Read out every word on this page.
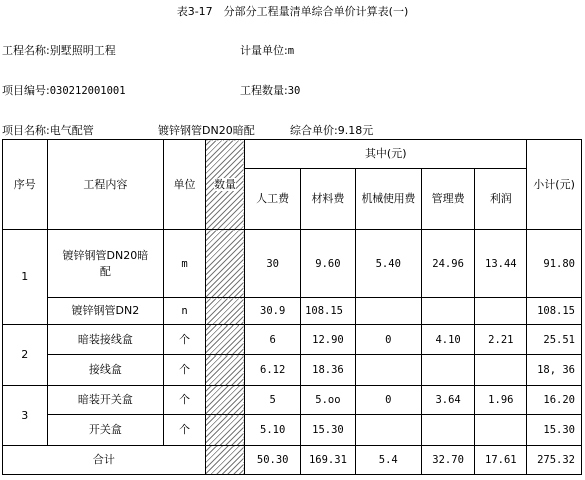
表3-17　分部分工程量清单综合单价计算表(一)
工程名称:别墅照明工程	计量单位:m
项目编号:030212001001	工程数量:30
项目名称:电气配管	镀锌钢管DN20暗配	综合单价:9.18元
序号	工程内容	单位	数量	其中(元)					小计(元)
				人工费	材料费	机械使用费	管理费	利润	
1	镀锌钢管DN20暗配	m		30	9.60	5.40	24.96	13.44	91.80
	镀锌钢管DN2	n		30.9	108.15				108.15
2	暗装接线盒	个		6	12.90	0	4.10	2.21	25.51
	接线盒	个		6.12	18.36				18, 36
3	暗装开关盒	个		5	5.oo	0	3.64	1.96	16.20
	开关盒	个		5.10	15.30				15.30
合计				50.30	169.31	5.4	32.70	17.61	275.32
